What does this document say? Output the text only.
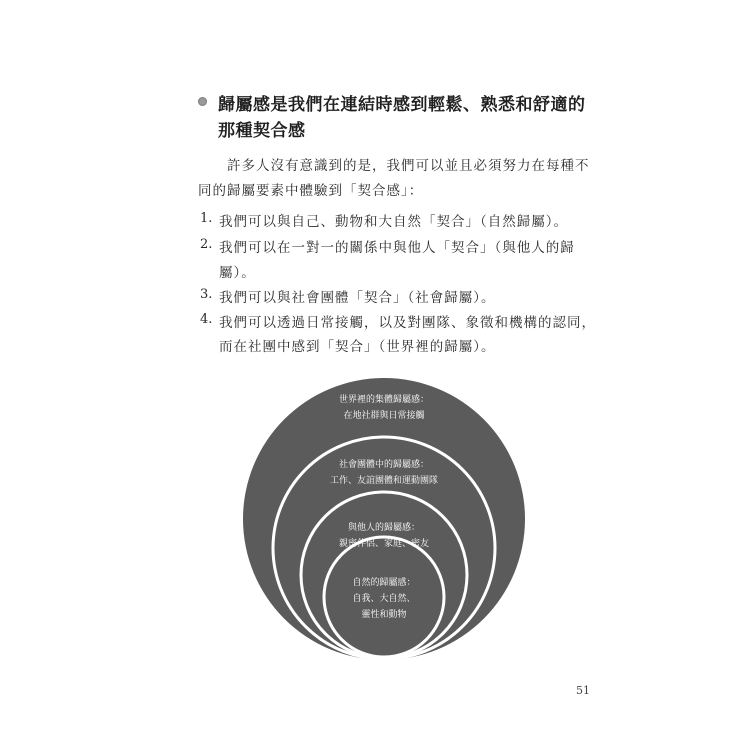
歸屬感是我們在連結時感到輕鬆、熟悉和舒適的
那種契合感
許多人沒有意識到的是，我們可以並且必須努力在每種不
同的歸屬要素中體驗到「契合感」：
1. 我們可以與自己、動物和大自然「契合」（自然歸屬）。
2. 我們可以在一對一的關係中與他人「契合」（與他人的歸
屬）。
3. 我們可以與社會團體「契合」（社會歸屬）。
4. 我們可以透過日常接觸，以及對團隊、象徵和機構的認同，
而在社團中感到「契合」（世界裡的歸屬）。
世界裡的集體歸屬感：
在地社群與日常接觸
社會團體中的歸屬感：
工作、友誼團體和運動團隊
與他人的歸屬感：
親密伴侶、家庭、密友
自然的歸屬感：
自我、大自然、
靈性和動物
51
